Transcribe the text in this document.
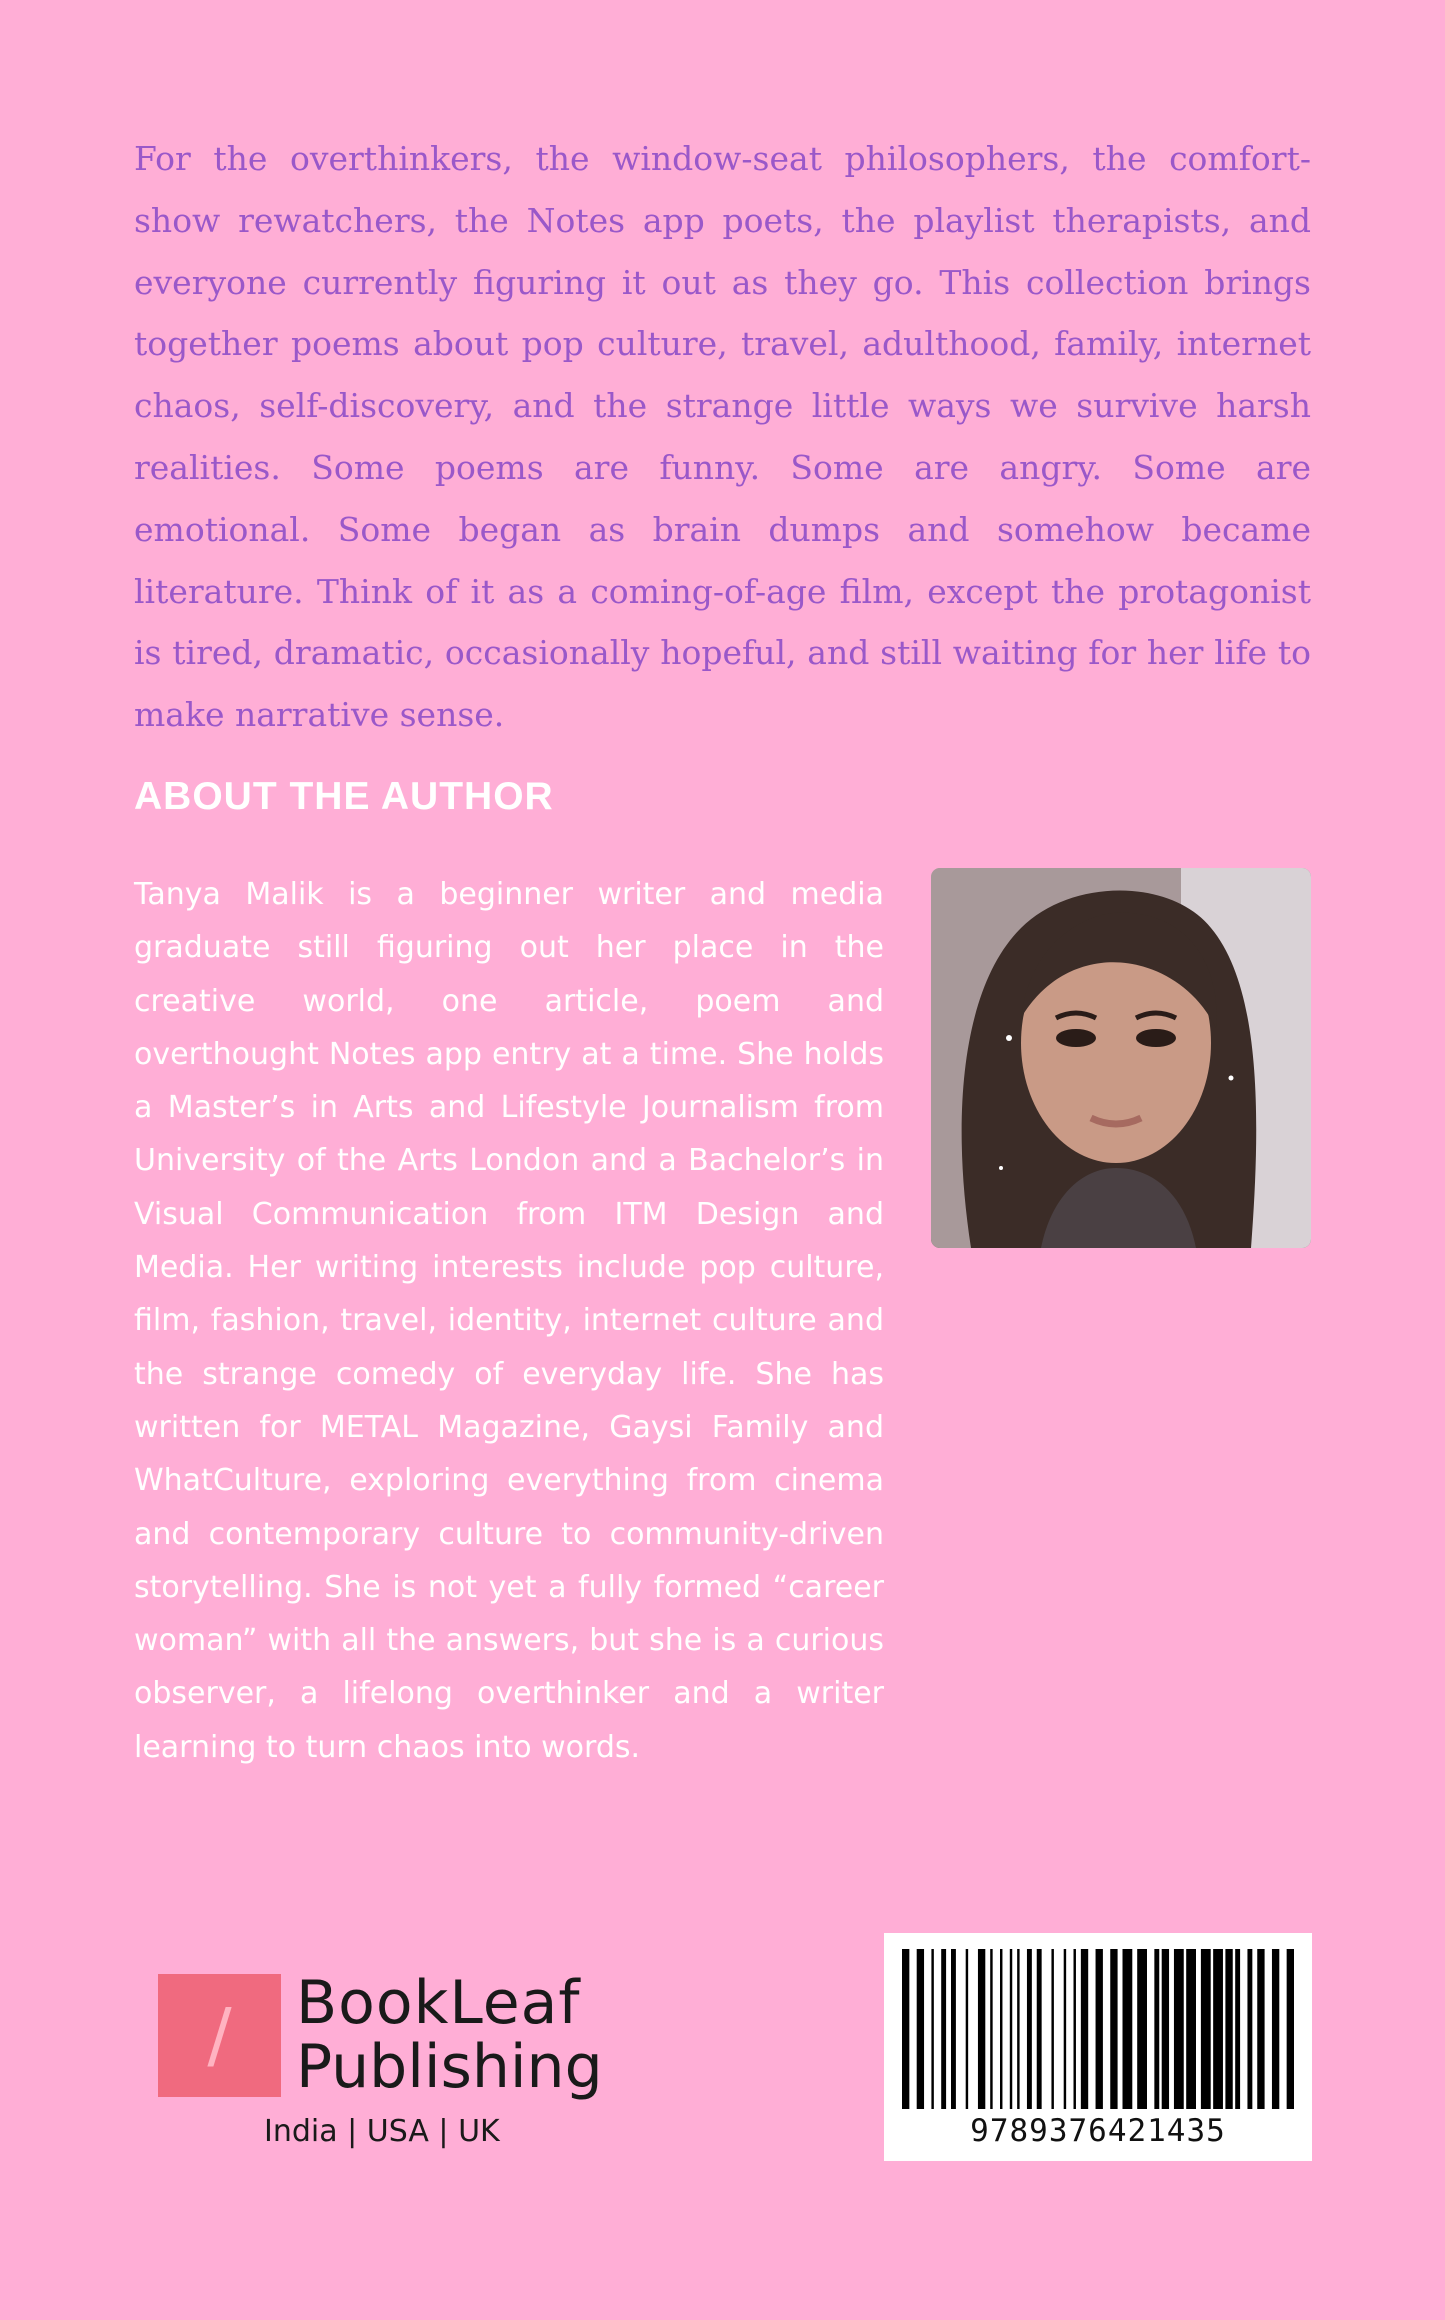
For the overthinkers, the window-seat philosophers, the comfort-show rewatchers, the Notes app poets, the playlist therapists, and everyone currently figuring it out as they go. This collection brings together poems about pop culture, travel, adulthood, family, internet chaos, self-discovery, and the strange little ways we survive harsh realities. Some poems are funny. Some are angry. Some are emotional. Some began as brain dumps and somehow became literature. Think of it as a coming-of-age film, except the protagonist is tired, dramatic, occasionally hopeful, and still waiting for her life to make narrative sense.

ABOUT THE AUTHOR

Tanya Malik is a beginner writer and media graduate still figuring out her place in the creative world, one article, poem and overthought Notes app entry at a time. She holds a Master’s in Arts and Lifestyle Journalism from University of the Arts London and a Bachelor’s in Visual Communication from ITM Design and Media. Her writing interests include pop culture, film, fashion, travel, identity, internet culture and the strange comedy of everyday life. She has written for METAL Magazine, Gaysi Family and WhatCulture, exploring everything from cinema and contemporary culture to community-driven storytelling. She is not yet a fully formed “career woman” with all the answers, but she is a curious observer, a lifelong overthinker and a writer learning to turn chaos into words.

/	BookLeaf
Publishing
India | USA | UK	9789376421435
